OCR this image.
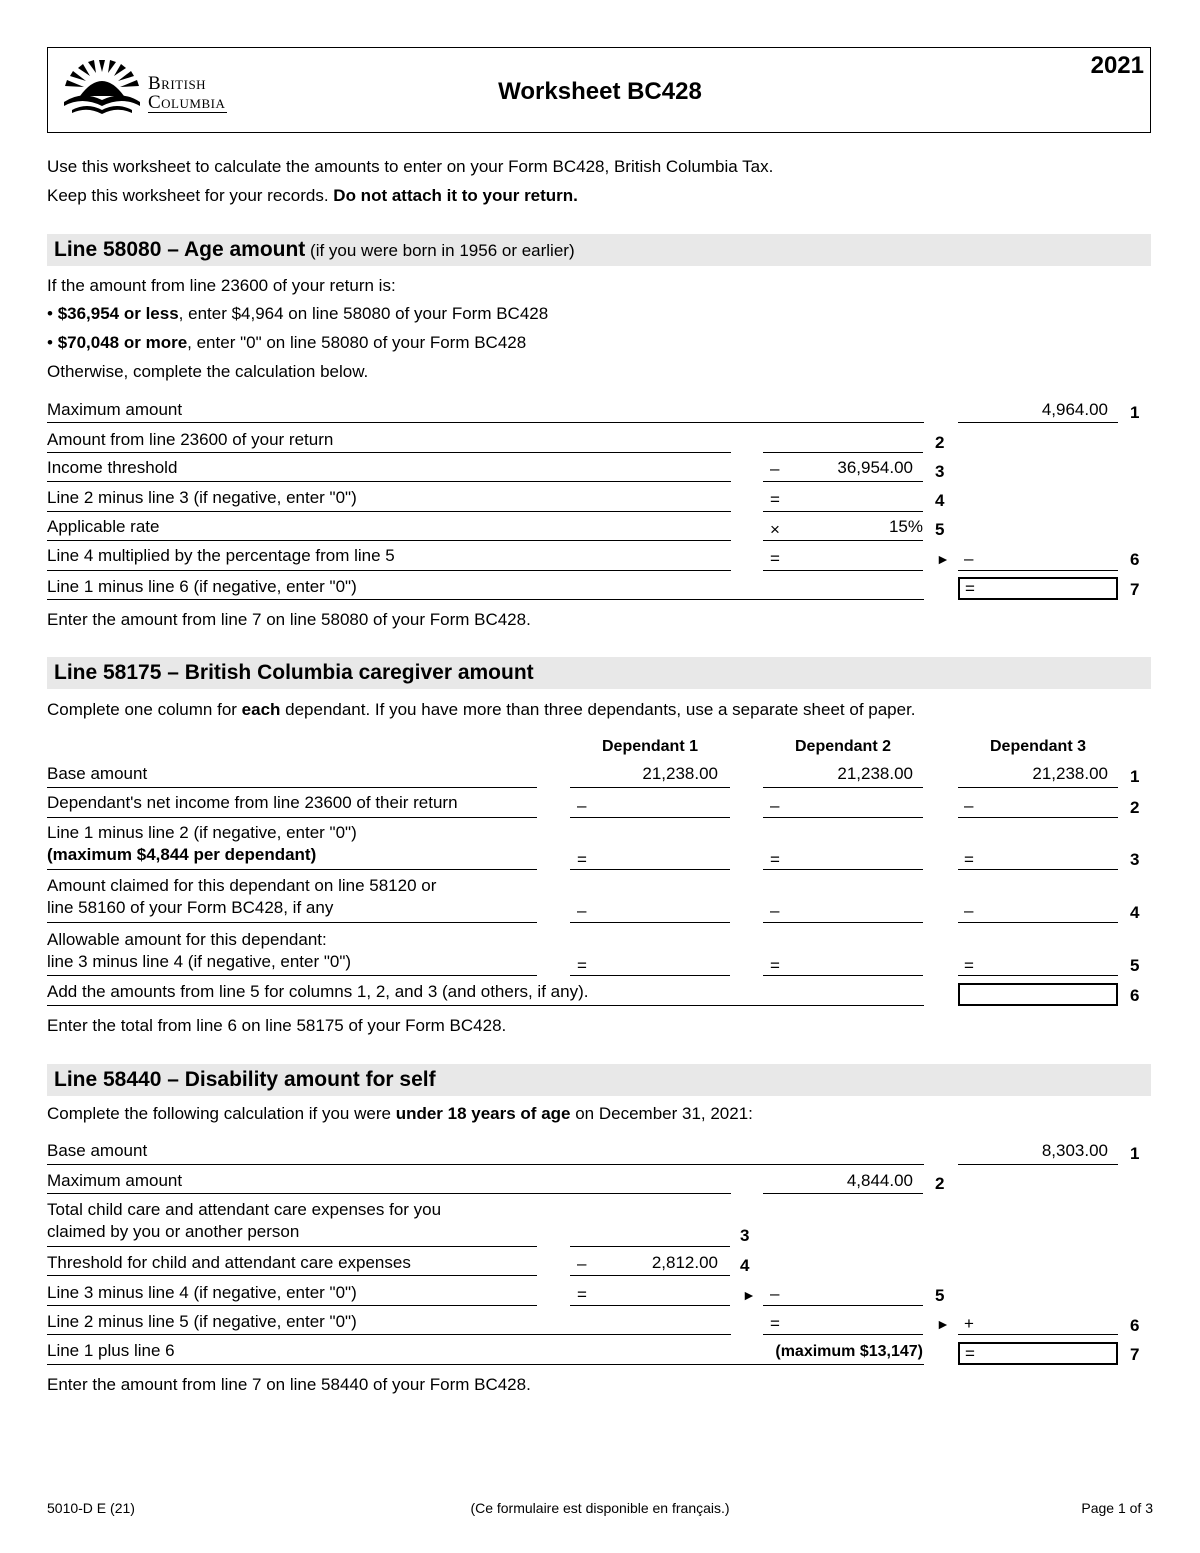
British
Columbia	Worksheet BC428
2021
Use this worksheet to calculate the amounts to enter on your Form BC428, British Columbia Tax.
Keep this worksheet for your records. Do not attach it to your return.
Line 58080 – Age amount (if you were born in 1956 or earlier)
If the amount from line 23600 of your return is:
• $36,954 or less, enter $4,964 on line 58080 of your Form BC428
• $70,048 or more, enter "0" on line 58080 of your Form BC428
Otherwise, complete the calculation below.
Maximum amount	4,964.00 1
Amount from line 23600 of your return	2
Income threshold	–	36,954.00 3
Line 2 minus line 3 (if negative, enter "0")	=	4
Applicable rate	×	15% 5
Line 4 multiplied by the percentage from line 5	=	► –	6
Line 1 minus line 6 (if negative, enter "0")	=	7
Enter the amount from line 7 on line 58080 of your Form BC428.
Line 58175 – British Columbia caregiver amount
Complete one column for each dependant. If you have more than three dependants, use a separate sheet of paper.
Dependant 1	Dependant 2	Dependant 3
Base amount	21,238.00	21,238.00	21,238.00 1
Dependant's net income from line 23600 of their return	–	–	–	2
Line 1 minus line 2 (if negative, enter "0")
(maximum $4,844 per dependant)	=	=	=	3
Amount claimed for this dependant on line 58120 or
line 58160 of your Form BC428, if any	–	–	–	4
Allowable amount for this dependant:
line 3 minus line 4 (if negative, enter "0")	=	=	=	5
Add the amounts from line 5 for columns 1, 2, and 3 (and others, if any).	6
Enter the total from line 6 on line 58175 of your Form BC428.
Line 58440 – Disability amount for self
Complete the following calculation if you were under 18 years of age on December 31, 2021:
Base amount	8,303.00 1
Maximum amount	4,844.00 2
Total child care and attendant care expenses for you
claimed by you or another person	3
Threshold for child and attendant care expenses	–	2,812.00 4
Line 3 minus line 4 (if negative, enter "0")	=	► –	5
Line 2 minus line 5 (if negative, enter "0")	=	► +	6
Line 1 plus line 6	(maximum $13,147) =	7
Enter the amount from line 7 on line 58440 of your Form BC428.
5010-D E (21)	(Ce formulaire est disponible en français.)	Page 1 of 3
